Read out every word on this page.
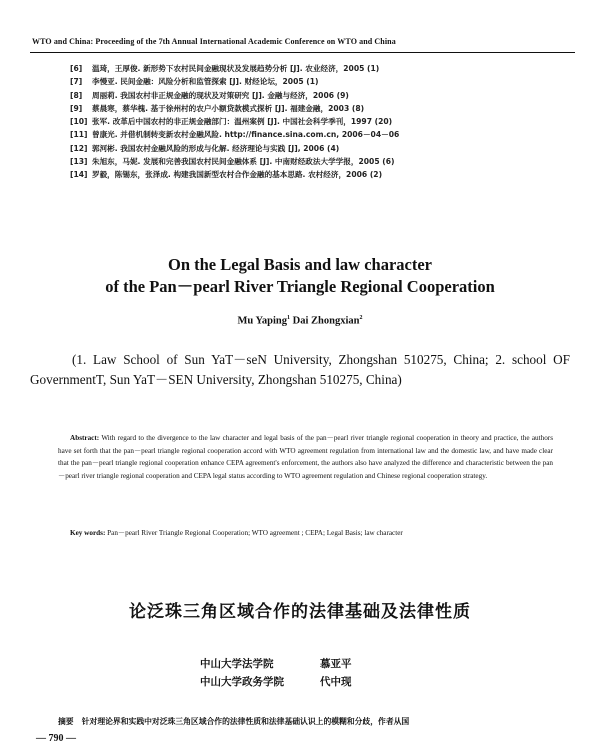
WTO and China: Proceeding of the 7th Annual International Academic Conference on WTO and China
[6] 温琦，王厚俊. 新形势下农村民间金融现状及发展趋势分析 [J]. 农业经济，2005 (1)
[7] 李慢亚. 民间金融：风险分析和监管探索 [J]. 财经论坛，2005 (1)
[8] 周丽莉. 我国农村非正规金融的现状及对策研究 [J]. 金融与经济，2006 (9)
[9] 蔡晨寒，蔡华槐. 基于徐州村的农户小额贷款模式探析 [J]. 福建金融，2003 (8)
[10] 张军. 改革后中国农村的非正规金融部门：温州案例 [J]. 中国社会科学季刊，1997 (20)
[11] 曾康光. 并借机制转变新农村金融风险. http://finance.sina.com.cn, 2006－04－06
[12] 郭河彬. 我国农村金融风险的形成与化解. 经济理论与实践 [J], 2006 (4)
[13] 朱旭东，马妮. 发展和完善我国农村民间金融体系 [J]. 中南财经政法大学学报，2005 (6)
[14] 罗毅，陈锡东，张泽成. 构建我国新型农村合作金融的基本思路. 农村经济，2006 (2)
On the Legal Basis and law character
of the Pan－pearl River Triangle Regional Cooperation
Mu Yaping$^1$ Dai Zhongxian$^2$
(1. Law School of Sun YaT－seN University, Zhongshan 510275, China; 2. school OF GovernmentT, Sun YaT－SEN University, Zhongshan 510275, China)
Abstract: With regard to the divergence to the law character and legal basis of the pan－pearl river triangle regional cooperation in theory and practice, the authors have set forth that the pan－pearl triangle regional cooperation accord with WTO agreement regulation from international law and the domestic law, and have made clear that the pan－pearl triangle regional cooperation enhance CEPA agreement's enforcement, the authors also have analyzed the difference and characteristic between the pan－pearl river triangle regional cooperation and CEPA legal status according to WTO agreement regulation and Chinese regional cooperation strategy.
Key words: Pan－pearl River Triangle Regional Cooperation; WTO agreement ; CEPA; Legal Basis; law character
论泛珠三角区域合作的法律基础及法律性质
中山大学法学院	慕亚平
中山大学政务学院	代中现
摘要 针对理论界和实践中对泛珠三角区域合作的法律性质和法律基础认识上的模糊和分歧，作者从国
— 790 —
